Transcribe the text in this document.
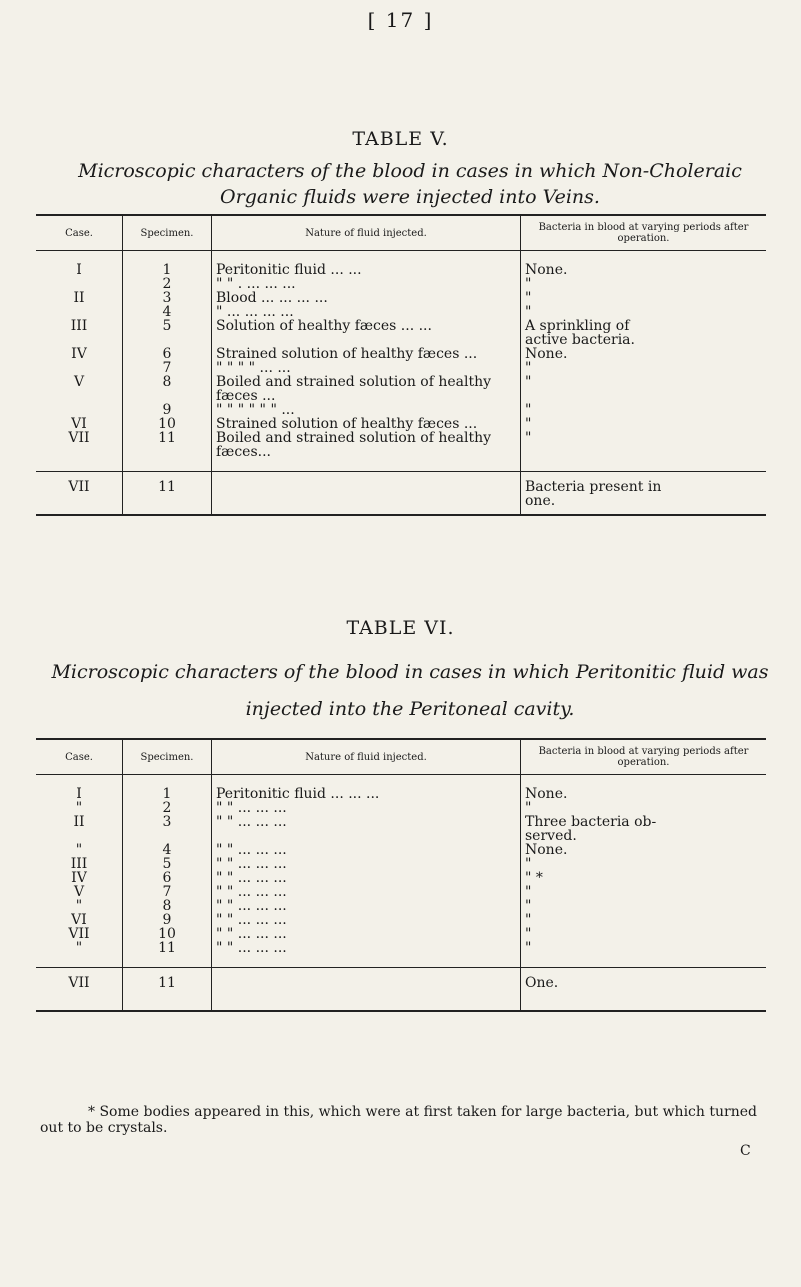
[ 17 ]
TABLE V.
Microscopic characters of the blood in cases in which Non-Choleraic
Organic fluids were injected into Veins.
Case.	Specimen.	Nature of fluid injected.	Bacteria in blood at varying periods after operation.

I	1	Peritonitic fluid ... ...	None.
	2	" " . ... ... ...	"
II	3	Blood ... ... ... ...	"
	4	" ... ... ... ...	"
III	5	Solution of healthy fæces ... ...	A sprinkling of
			active bacteria.
IV	6	Strained solution of healthy fæces ...	None.
	7	" " " " ... ...	"
V	8	Boiled and strained solution of healthy fæces ...	"
	9	" " " " " " ...	"
VI	10	Strained solution of healthy fæces ...	"
VII	11	Boiled and strained solution of healthy fæces...	"

VII	11		Bacteria present in
one.

TABLE VI.
Microscopic characters of the blood in cases in which Peritonitic fluid was
injected into the Peritoneal cavity.
Case.	Specimen.	Nature of fluid injected.	Bacteria in blood at varying periods after operation.

I	1	Peritonitic fluid ... ... ...	None.
"	2	" " ... ... ...	"
II	3	" " ... ... ...	Three bacteria ob-
			served.
"	4	" " ... ... ...	None.
III	5	" " ... ... ...	"
IV	6	" " ... ... ...	" *
V	7	" " ... ... ...	"
"	8	" " ... ... ...	"
VI	9	" " ... ... ...	"
VII	10	" " ... ... ...	"
"	11	" " ... ... ...	"

VII	11		One.

* Some bodies appeared in this, which were at first taken for large bacteria, but which turned out to be crystals.
C
